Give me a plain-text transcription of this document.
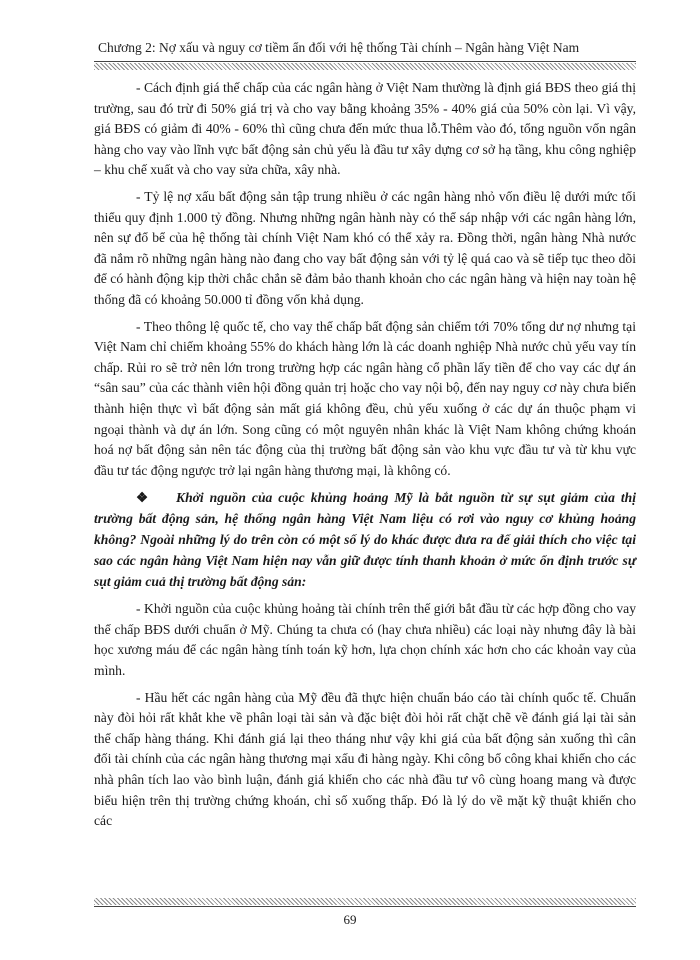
Chương 2: Nợ xấu và nguy cơ tiềm ẩn đối với hệ thống Tài chính – Ngân hàng Việt Nam

- Cách định giá thế chấp của các ngân hàng ở Việt Nam thường là định giá BĐS theo giá thị trường, sau đó trừ đi 50% giá trị và cho vay bằng khoảng 35% - 40% giá của 50% còn lại. Vì vậy, giá BĐS có giảm đi 40% - 60% thì cũng chưa đến mức thua lỗ.Thêm vào đó, tổng nguồn vốn ngân hàng cho vay vào lĩnh vực bất động sản chủ yếu là đầu tư xây dựng cơ sở hạ tầng, khu công nghiệp – khu chế xuất và cho vay sửa chữa, xây nhà.

- Tỷ lệ nợ xấu bất động sản tập trung nhiều ở các ngân hàng nhỏ vốn điều lệ dưới mức tối thiểu quy định 1.000 tỷ đồng. Nhưng những ngân hành này có thể sáp nhập với các ngân hàng lớn, nên sự đổ bể của hệ thống tài chính Việt Nam khó có thể xảy ra. Đồng thời, ngân hàng Nhà nước đã nắm rõ những ngân hàng nào đang cho vay bất động sản với tỷ lệ quá cao và sẽ tiếp tục theo dõi để có hành động kịp thời chắc chắn sẽ đảm bảo thanh khoản cho các ngân hàng và hiện nay toàn hệ thống đã có khoảng 50.000 tỉ đồng vốn khả dụng.

- Theo thông lệ quốc tế, cho vay thế chấp bất động sản chiếm tới 70% tổng dư nợ nhưng tại Việt Nam chỉ chiếm khoảng 55% do khách hàng lớn là các doanh nghiệp Nhà nước chủ yếu vay tín chấp. Rủi ro sẽ trở nên lớn trong trường hợp các ngân hàng cổ phần lấy tiền để cho vay các dự án “sân sau” của các thành viên hội đồng quản trị hoặc cho vay nội bộ, đến nay nguy cơ này chưa biến thành hiện thực vì bất động sản mất giá không đều, chủ yếu xuống ở các dự án thuộc phạm vi ngoại thành và dự án lớn. Song cũng có một nguyên nhân khác là Việt Nam không chứng khoán hoá nợ bất động sản nên tác động của thị trường bất động sản vào khu vực đầu tư và từ khu vực đầu tư tác động ngược trở lại ngân hàng thương mại, là không có.

❖ Khởi nguồn của cuộc khủng hoảng Mỹ là bắt nguồn từ sự sụt giảm của thị trường bất động sản, hệ thống ngân hàng Việt Nam liệu có rơi vào nguy cơ khủng hoảng không? Ngoài những lý do trên còn có một số lý do khác được đưa ra để giải thích cho việc tại sao các ngân hàng Việt Nam hiện nay vẫn giữ được tính thanh khoản ở mức ổn định trước sự sụt giảm cuả thị trường bất động sản:

- Khởi nguồn của cuộc khủng hoảng tài chính trên thế giới bắt đầu từ các hợp đồng cho vay thế chấp BĐS dưới chuẩn ở Mỹ. Chúng ta chưa có (hay chưa nhiều) các loại này nhưng đây là bài học xương máu để các ngân hàng tính toán kỹ hơn, lựa chọn chính xác hơn cho các khoản vay của mình.

- Hầu hết các ngân hàng của Mỹ đều đã thực hiện chuẩn báo cáo tài chính quốc tế. Chuẩn này đòi hỏi rất khắt khe về phân loại tài sản và đặc biệt đòi hỏi rất chặt chẽ về đánh giá lại tài sản thế chấp hàng tháng. Khi đánh giá lại theo tháng như vậy khi giá của bất động sản xuống thì cân đối tài chính của các ngân hàng thương mại xấu đi hàng ngày. Khi công bố công khai khiến cho các nhà phân tích lao vào bình luận, đánh giá khiến cho các nhà đầu tư vô cùng hoang mang và được biểu hiện trên thị trường chứng khoán, chỉ số xuống thấp. Đó là lý do về mặt kỹ thuật khiến cho các

69
